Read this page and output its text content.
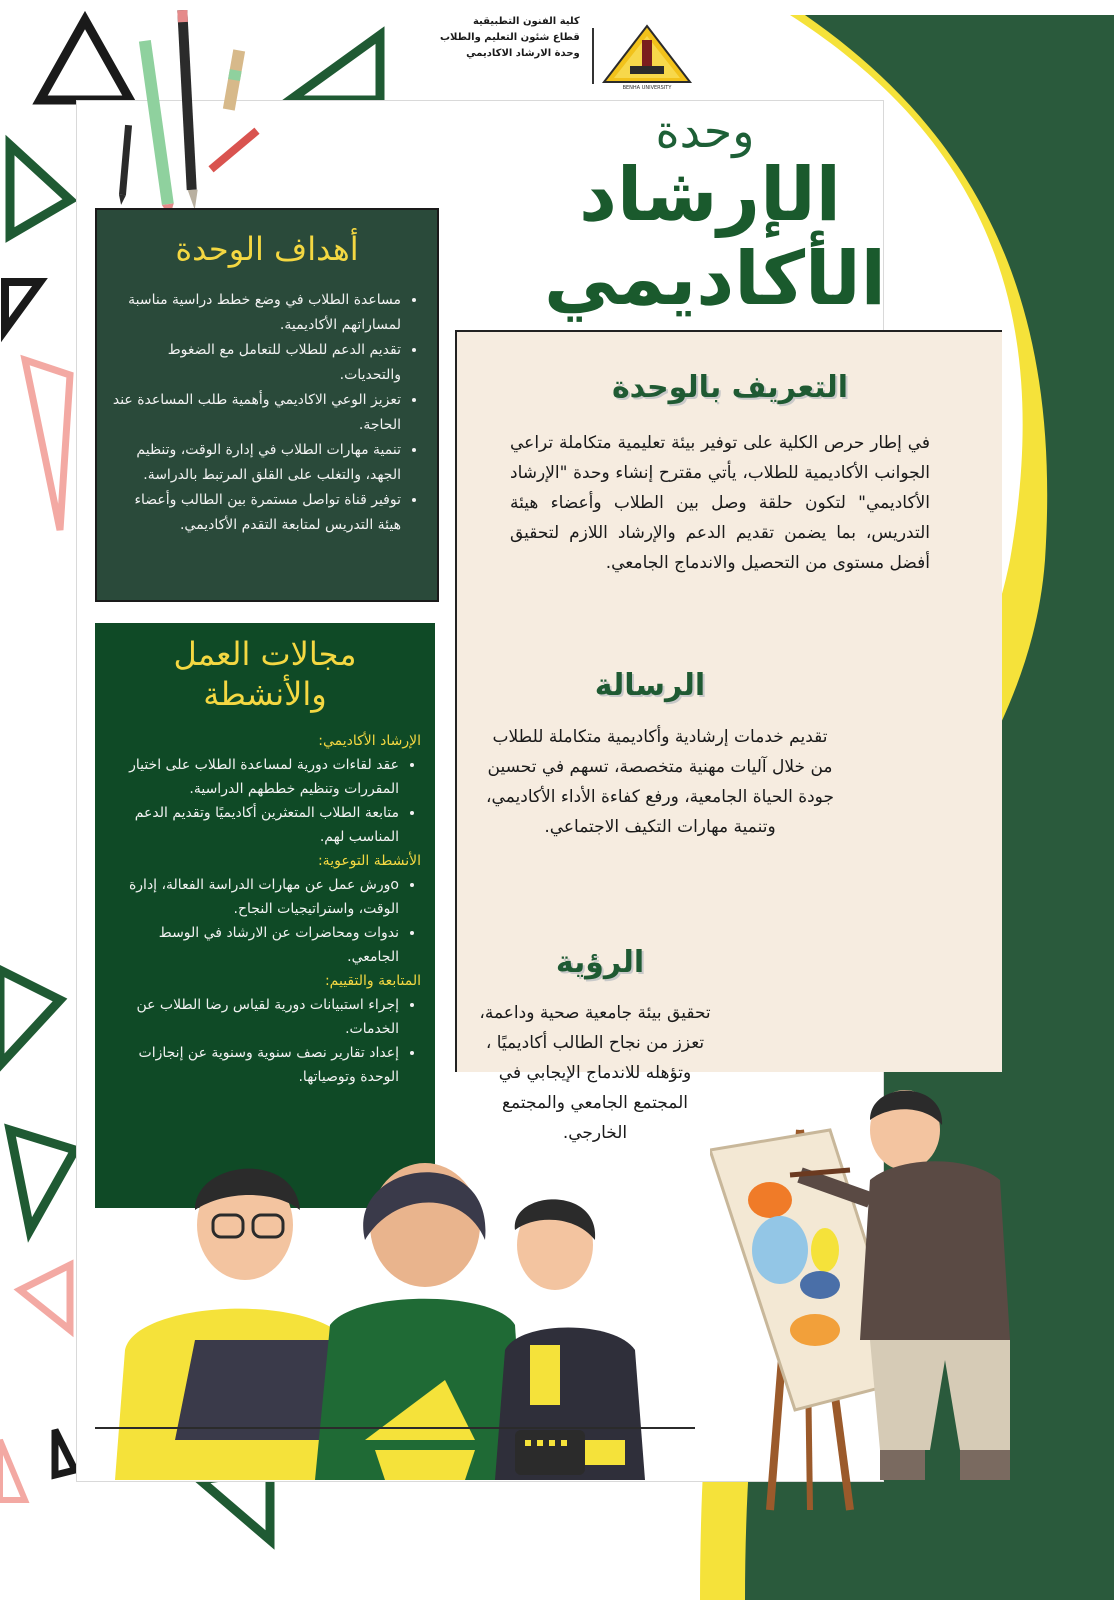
كلية الفنون التطبيقية
قطاع شئون التعليم والطلاب
وحدة الارشاد الاكاديمي
BENHA UNIVERSITY
وحدة
الإرشاد
الأكاديمي
التعريف بالوحدة
في إطار حرص الكلية على توفير بيئة تعليمية متكاملة تراعي الجوانب الأكاديمية للطلاب، يأتي مقترح إنشاء وحدة "الإرشاد الأكاديمي" لتكون حلقة وصل بين الطلاب وأعضاء هيئة التدريس، بما يضمن تقديم الدعم والإرشاد اللازم لتحقيق أفضل مستوى من التحصيل والاندماج الجامعي.
الرسالة
تقديم خدمات إرشادية وأكاديمية متكاملة للطلاب من خلال آليات مهنية متخصصة، تسهم في تحسين جودة الحياة الجامعية، ورفع كفاءة الأداء الأكاديمي، وتنمية مهارات التكيف الاجتماعي.
الرؤية
تحقيق بيئة جامعية صحية وداعمة، تعزز من نجاح الطالب أكاديميًا ، وتؤهله للاندماج الإيجابي في المجتمع الجامعي والمجتمع الخارجي.
أهداف الوحدة
• مساعدة الطلاب في وضع خطط دراسية مناسبة لمساراتهم الأكاديمية.
• تقديم الدعم للطلاب للتعامل مع الضغوط والتحديات.
• تعزيز الوعي الاكاديمي وأهمية طلب المساعدة عند الحاجة.
• تنمية مهارات الطلاب في إدارة الوقت، وتنظيم الجهد، والتغلب على القلق المرتبط بالدراسة.
• توفير قناة تواصل مستمرة بين الطالب وأعضاء هيئة التدريس لمتابعة التقدم الأكاديمي.
مجالات العمل
والأنشطة
الإرشاد الأكاديمي:
• عقد لقاءات دورية لمساعدة الطلاب على اختيار المقررات وتنظيم خططهم الدراسية.
• متابعة الطلاب المتعثرين أكاديميًا وتقديم الدعم المناسب لهم.
الأنشطة التوعوية:
• oورش عمل عن مهارات الدراسة الفعالة، إدارة الوقت، واستراتيجيات النجاح.
• ندوات ومحاضرات عن الارشاد في الوسط الجامعي.
المتابعة والتقييم:
• إجراء استبيانات دورية لقياس رضا الطلاب عن الخدمات.
• إعداد تقارير نصف سنوية وسنوية عن إنجازات الوحدة وتوصياتها.
